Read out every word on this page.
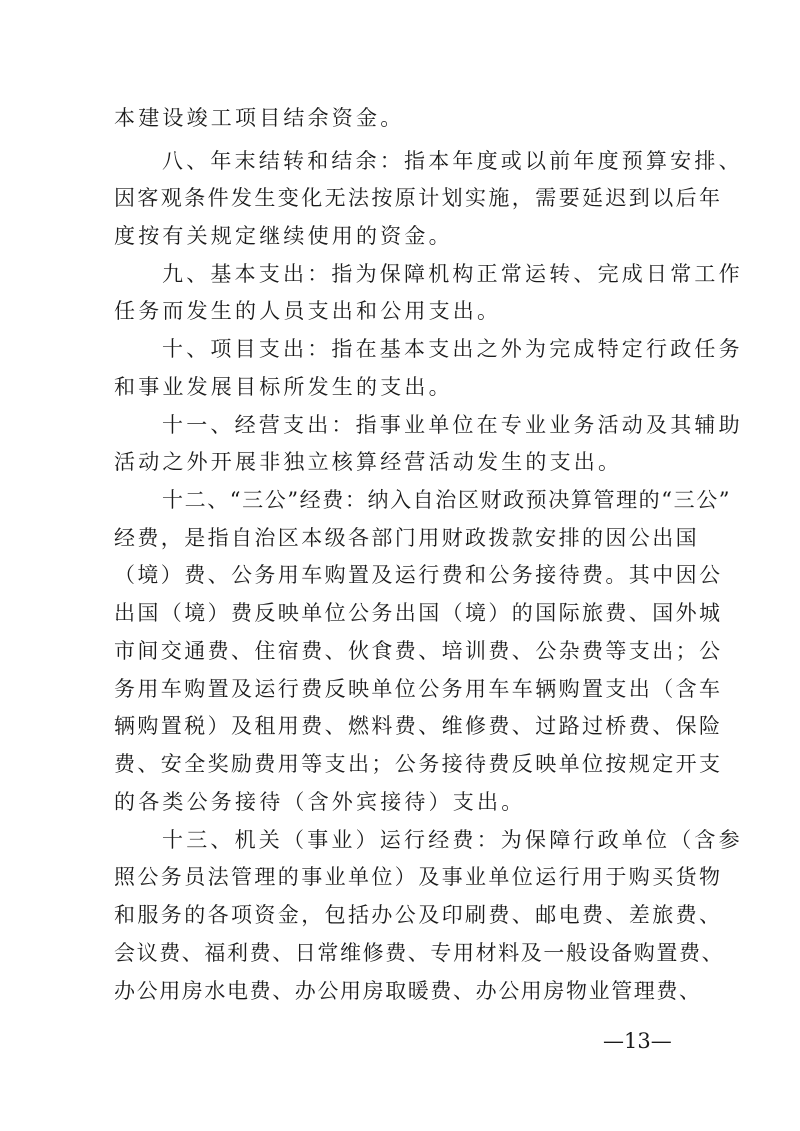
本建设竣工项目结余资金。
八、年末结转和结余：指本年度或以前年度预算安排、
因客观条件发生变化无法按原计划实施，需要延迟到以后年
度按有关规定继续使用的资金。
九、基本支出：指为保障机构正常运转、完成日常工作
任务而发生的人员支出和公用支出。
十、项目支出：指在基本支出之外为完成特定行政任务
和事业发展目标所发生的支出。
十一、经营支出：指事业单位在专业业务活动及其辅助
活动之外开展非独立核算经营活动发生的支出。
十二、“三公”经费：纳入自治区财政预决算管理的“三公”
经费，是指自治区本级各部门用财政拨款安排的因公出国
（境）费、公务用车购置及运行费和公务接待费。其中因公
出国（境）费反映单位公务出国（境）的国际旅费、国外城
市间交通费、住宿费、伙食费、培训费、公杂费等支出；公
务用车购置及运行费反映单位公务用车车辆购置支出（含车
辆购置税）及租用费、燃料费、维修费、过路过桥费、保险
费、安全奖励费用等支出；公务接待费反映单位按规定开支
的各类公务接待（含外宾接待）支出。
十三、机关（事业）运行经费：为保障行政单位（含参
照公务员法管理的事业单位）及事业单位运行用于购买货物
和服务的各项资金，包括办公及印刷费、邮电费、差旅费、
会议费、福利费、日常维修费、专用材料及一般设备购置费、
办公用房水电费、办公用房取暖费、办公用房物业管理费、
—13—
